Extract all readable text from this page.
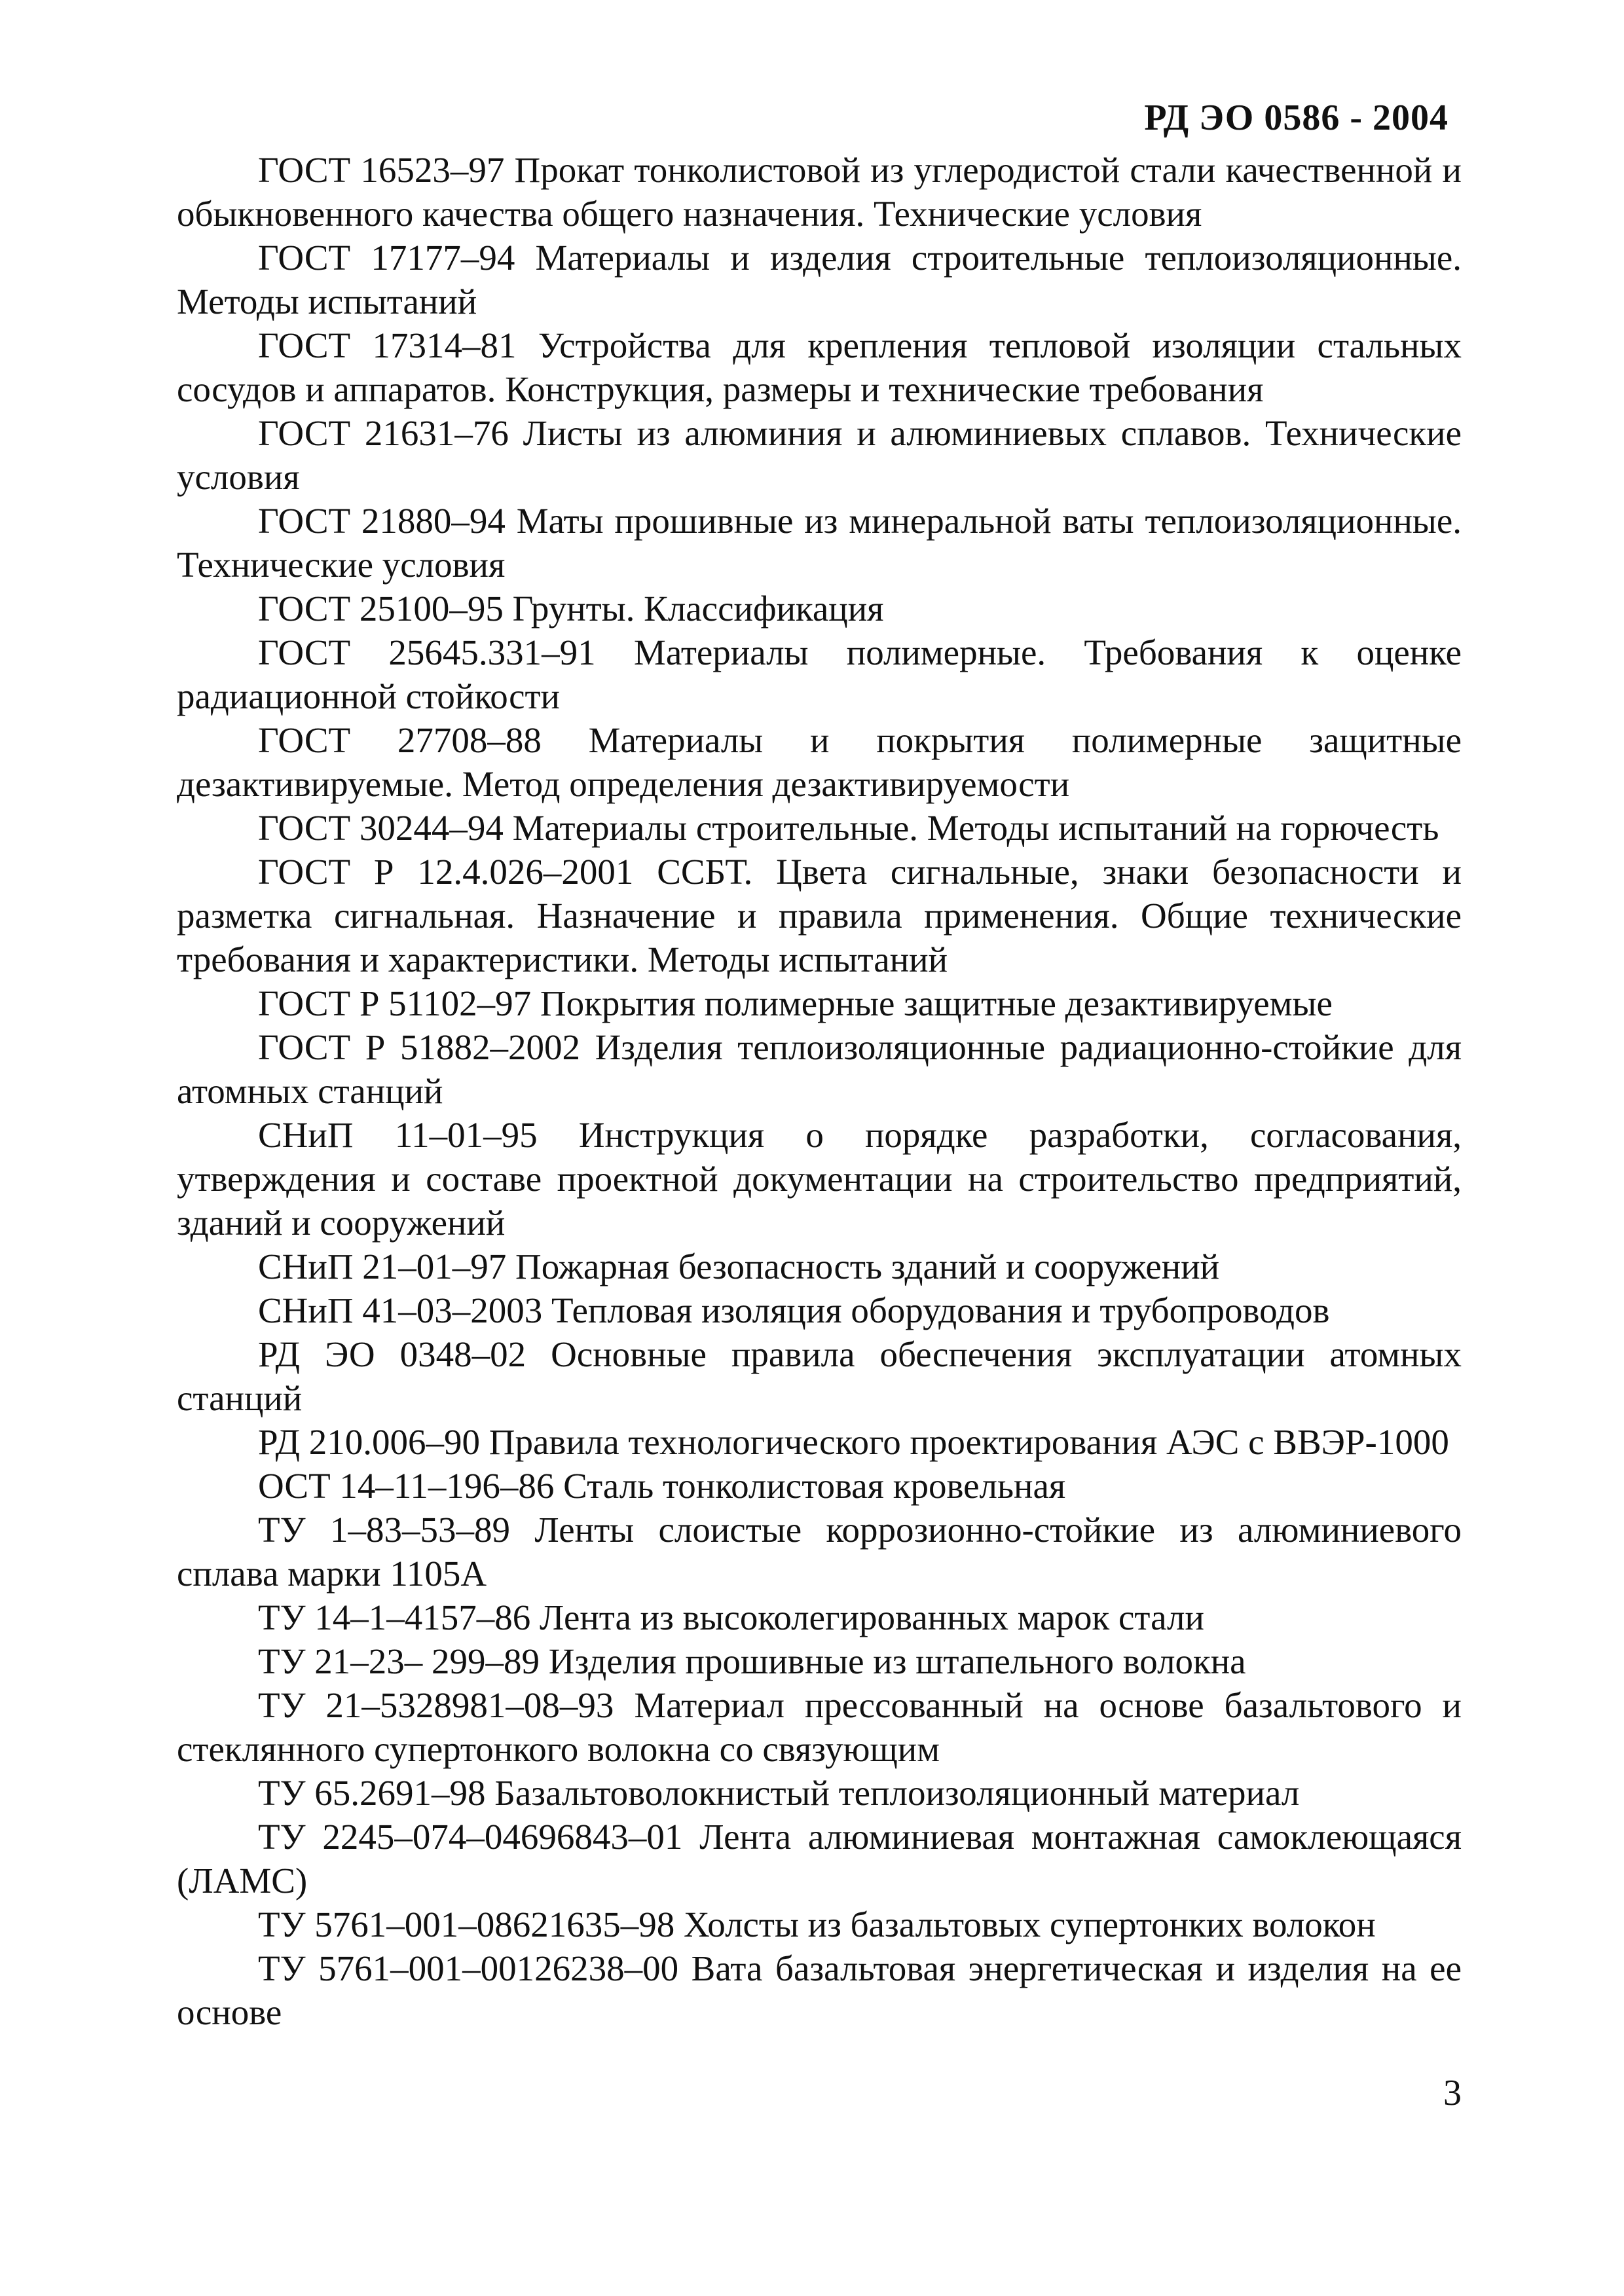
РД ЭО 0586 - 2004

ГОСТ 16523–97 Прокат тонколистовой из углеродистой стали качественной и обыкновенного качества общего назначения. Технические условия

ГОСТ 17177–94 Материалы и изделия строительные теплоизоляционные. Методы испытаний

ГОСТ 17314–81 Устройства для крепления тепловой изоляции стальных сосудов и аппаратов. Конструкция, размеры и технические требования

ГОСТ 21631–76 Листы из алюминия и алюминиевых сплавов. Технические условия

ГОСТ 21880–94 Маты прошивные из минеральной ваты теплоизоляционные. Технические условия

ГОСТ 25100–95 Грунты. Классификация

ГОСТ 25645.331–91 Материалы полимерные. Требования к оценке радиационной стойкости

ГОСТ 27708–88 Материалы и покрытия полимерные защитные дезактивируемые. Метод определения дезактивируемости

ГОСТ 30244–94 Материалы строительные. Методы испытаний на горючесть

ГОСТ Р 12.4.026–2001 ССБТ. Цвета сигнальные, знаки безопасности и разметка сигнальная. Назначение и правила применения. Общие технические требования и характеристики. Методы испытаний

ГОСТ Р 51102–97 Покрытия полимерные защитные дезактивируемые

ГОСТ Р 51882–2002 Изделия теплоизоляционные радиационно-стойкие для атомных станций

СНиП 11–01–95 Инструкция о порядке разработки, согласования, утверждения и составе проектной документации на строительство предприятий, зданий и сооружений

СНиП 21–01–97 Пожарная безопасность зданий и сооружений

СНиП 41–03–2003 Тепловая изоляция оборудования и трубопроводов

РД ЭО 0348–02 Основные правила обеспечения эксплуатации атомных станций

РД 210.006–90 Правила технологического проектирования АЭС с ВВЭР-1000

ОСТ 14–11–196–86 Сталь тонколистовая кровельная

ТУ 1–83–53–89 Ленты слоистые коррозионно-стойкие из алюминиевого сплава марки 1105А

ТУ 14–1–4157–86 Лента из высоколегированных марок стали

ТУ 21–23– 299–89 Изделия прошивные из штапельного волокна

ТУ 21–5328981–08–93 Материал прессованный на основе базальтового и стеклянного супертонкого волокна со связующим

ТУ 65.2691–98 Базальтоволокнистый теплоизоляционный материал

ТУ 2245–074–04696843–01 Лента алюминиевая монтажная самоклеющаяся (ЛАМС)

ТУ 5761–001–08621635–98 Холсты из базальтовых супертонких волокон

ТУ 5761–001–00126238–00 Вата базальтовая энергетическая и изделия на ее основе

3
